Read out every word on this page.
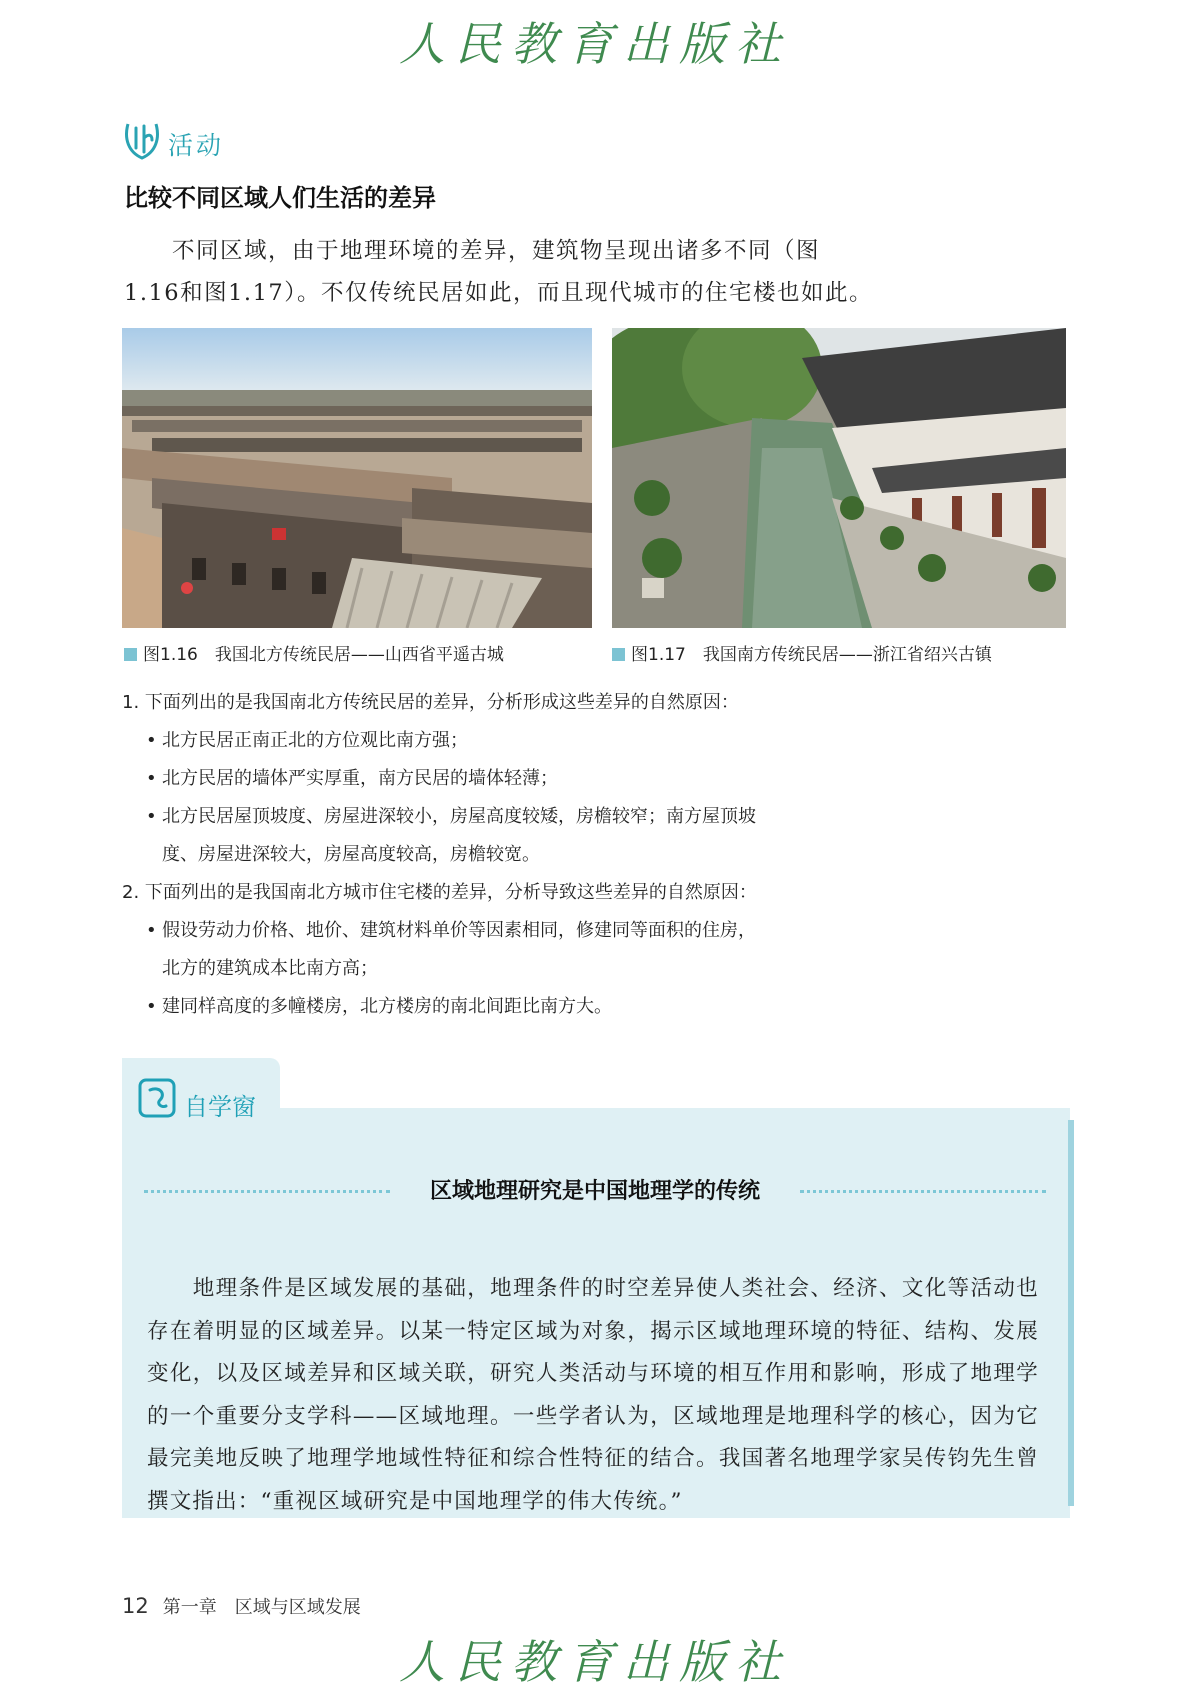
人民教育出版社
活动
比较不同区域人们生活的差异
不同区域，由于地理环境的差异，建筑物呈现出诸多不同（图
1.16和图1.17）。不仅传统民居如此，而且现代城市的住宅楼也如此。
图1.16　我国北方传统民居——山西省平遥古城	图1.17　我国南方传统民居——浙江省绍兴古镇
1. 下面列出的是我国南北方传统民居的差异，分析形成这些差异的自然原因：
• 北方民居正南正北的方位观比南方强；
• 北方民居的墙体严实厚重，南方民居的墙体轻薄；
• 北方民居屋顶坡度、房屋进深较小，房屋高度较矮，房檐较窄；南方屋顶坡
度、房屋进深较大，房屋高度较高，房檐较宽。
2. 下面列出的是我国南北方城市住宅楼的差异，分析导致这些差异的自然原因：
• 假设劳动力价格、地价、建筑材料单价等因素相同，修建同等面积的住房，
北方的建筑成本比南方高；
• 建同样高度的多幢楼房，北方楼房的南北间距比南方大。
自学窗
区域地理研究是中国地理学的传统
　　地理条件是区域发展的基础，地理条件的时空差异使人类社会、经济、文化等活动也存在着明显的区域差异。以某一特定区域为对象，揭示区域地理环境的特征、结构、发展变化，以及区域差异和区域关联，研究人类活动与环境的相互作用和影响，形成了地理学的一个重要分支学科——区域地理。一些学者认为，区域地理是地理科学的核心，因为它最完美地反映了地理学地域性特征和综合性特征的结合。我国著名地理学家吴传钧先生曾撰文指出：“重视区域研究是中国地理学的伟大传统。”
12 第一章　区域与区域发展
人民教育出版社
